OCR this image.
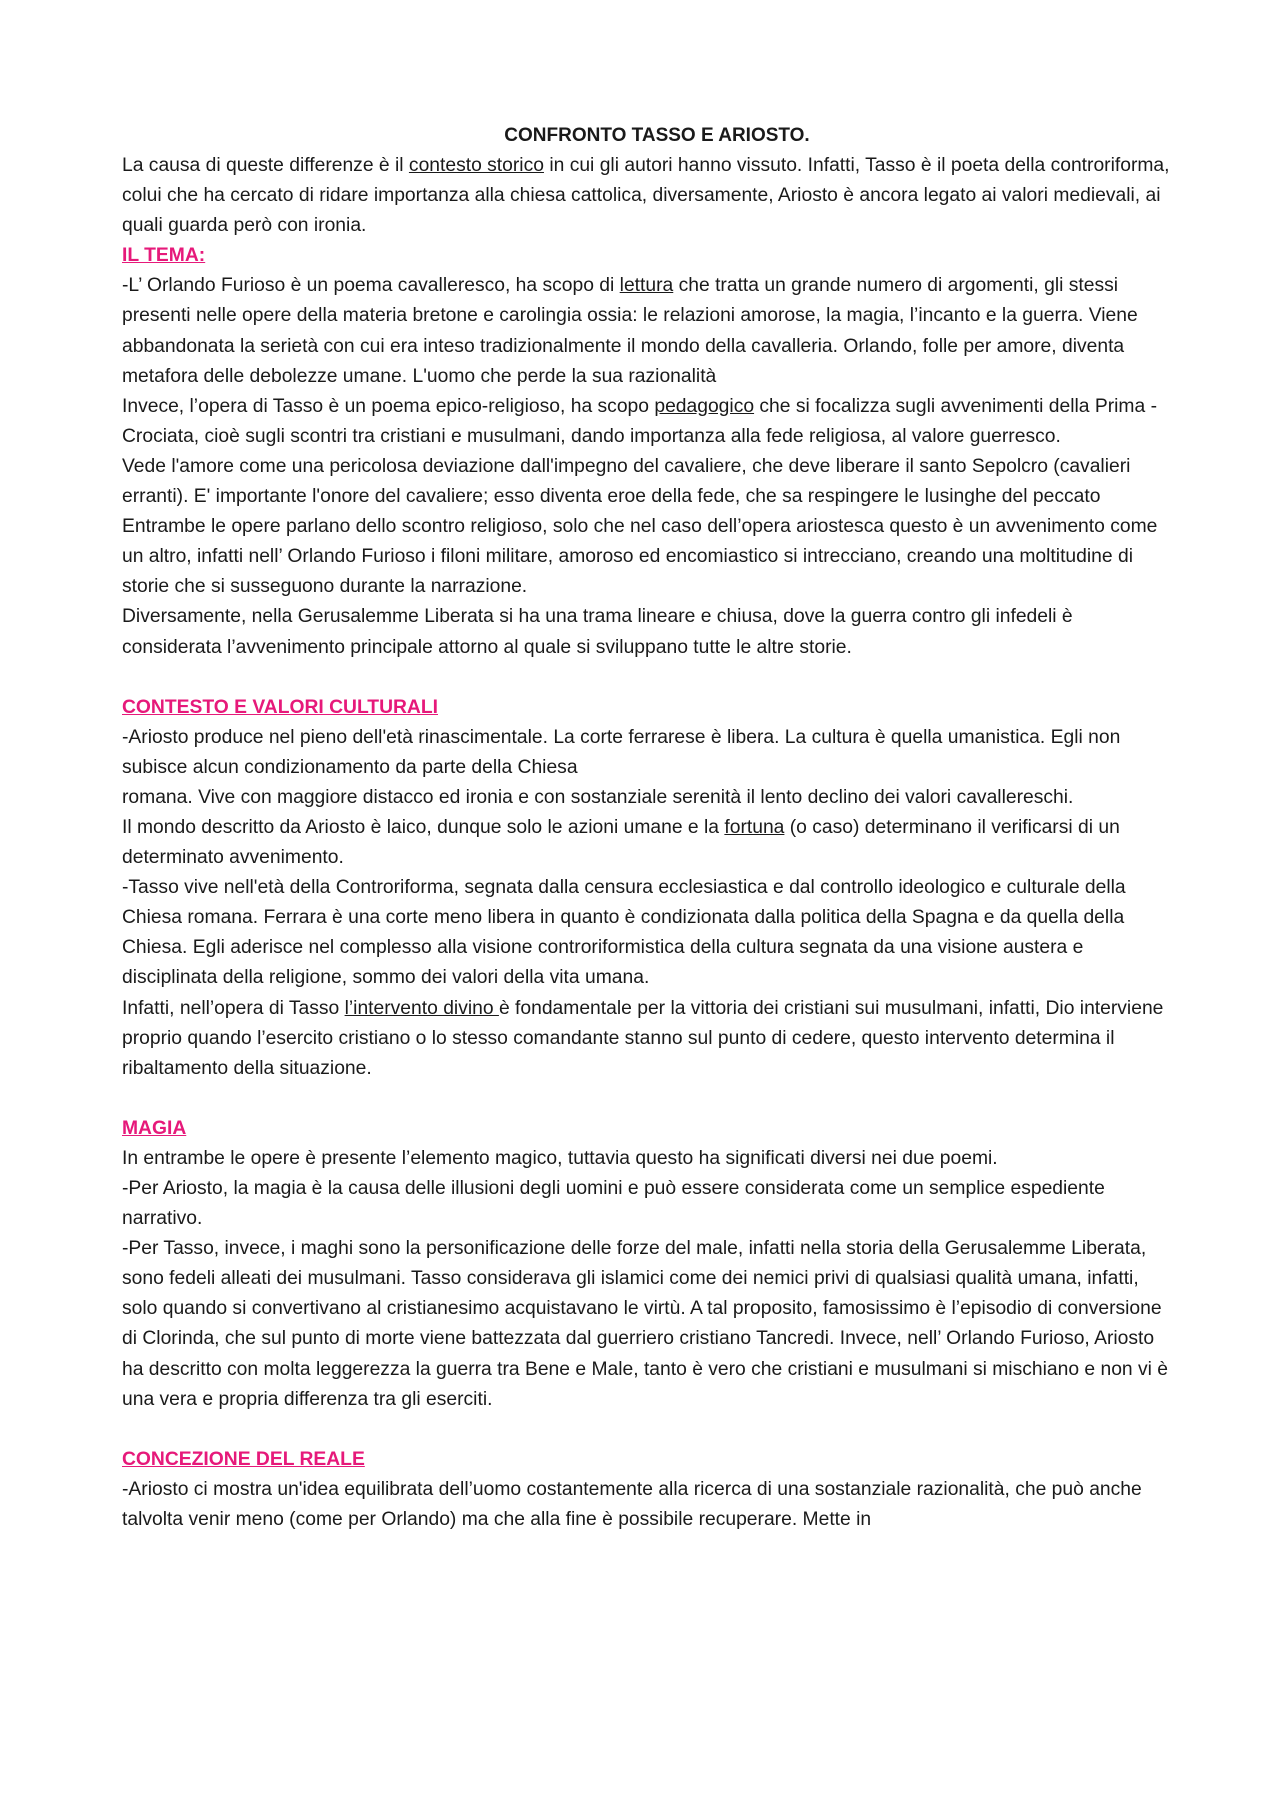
CONFRONTO TASSO E ARIOSTO.

La causa di queste differenze è il contesto storico in cui gli autori hanno vissuto. Infatti, Tasso è il poeta della controriforma, colui che ha cercato di ridare importanza alla chiesa cattolica, diversamente, Ariosto è ancora legato ai valori medievali, ai quali guarda però con ironia.

IL TEMA:

-L’ Orlando Furioso è un poema cavalleresco, ha scopo di lettura che tratta un grande numero di argomenti, gli stessi presenti nelle opere della materia bretone e carolingia ossia: le relazioni amorose, la magia, l’incanto e la guerra. Viene abbandonata la serietà con cui era inteso tradizionalmente il mondo della cavalleria. Orlando, folle per amore, diventa metafora delle debolezze umane. L'uomo che perde la sua razionalità

Invece, l’opera di Tasso è un poema epico-religioso, ha scopo pedagogico che si focalizza sugli avvenimenti della Prima -Crociata, cioè sugli scontri tra cristiani e musulmani, dando importanza alla fede religiosa, al valore guerresco.

Vede l'amore come una pericolosa deviazione dall'impegno del cavaliere, che deve liberare il santo Sepolcro (cavalieri erranti). E' importante l'onore del cavaliere; esso diventa eroe della fede, che sa respingere le lusinghe del peccato

Entrambe le opere parlano dello scontro religioso, solo che nel caso dell’opera ariostesca questo è un avvenimento come un altro, infatti nell’ Orlando Furioso i filoni militare, amoroso ed encomiastico si intrecciano, creando una moltitudine di storie che si susseguono durante la narrazione.

Diversamente, nella Gerusalemme Liberata si ha una trama lineare e chiusa, dove la guerra contro gli infedeli è considerata l’avvenimento principale attorno al quale si sviluppano tutte le altre storie.

CONTESTO E VALORI CULTURALI

-Ariosto produce nel pieno dell'età rinascimentale. La corte ferrarese è libera. La cultura è quella umanistica. Egli non subisce alcun condizionamento da parte della Chiesa

romana. Vive con maggiore distacco ed ironia e con sostanziale serenità il lento declino dei valori cavallereschi.

Il mondo descritto da Ariosto è laico, dunque solo le azioni umane e la fortuna (o caso) determinano il verificarsi di un determinato avvenimento.

-Tasso vive nell'età della Controriforma, segnata dalla censura ecclesiastica e dal controllo ideologico e culturale della Chiesa romana. Ferrara è una corte meno libera in quanto è condizionata dalla politica della Spagna e da quella della Chiesa. Egli aderisce nel complesso alla visione controriformistica della cultura segnata da una visione austera e disciplinata della religione, sommo dei valori della vita umana.

Infatti, nell’opera di Tasso l’intervento divino è fondamentale per la vittoria dei cristiani sui musulmani, infatti, Dio interviene proprio quando l’esercito cristiano o lo stesso comandante stanno sul punto di cedere, questo intervento determina il ribaltamento della situazione.

MAGIA

In entrambe le opere è presente l’elemento magico, tuttavia questo ha significati diversi nei due poemi.

-Per Ariosto, la magia è la causa delle illusioni degli uomini e può essere considerata come un semplice espediente narrativo.

-Per Tasso, invece, i maghi sono la personificazione delle forze del male, infatti nella storia della Gerusalemme Liberata, sono fedeli alleati dei musulmani. Tasso considerava gli islamici come dei nemici privi di qualsiasi qualità umana, infatti, solo quando si convertivano al cristianesimo acquistavano le virtù. A tal proposito, famosissimo è l’episodio di conversione di Clorinda, che sul punto di morte viene battezzata dal guerriero cristiano Tancredi. Invece, nell’ Orlando Furioso, Ariosto ha descritto con molta leggerezza la guerra tra Bene e Male, tanto è vero che cristiani e musulmani si mischiano e non vi è una vera e propria differenza tra gli eserciti.

CONCEZIONE DEL REALE

-Ariosto ci mostra un'idea equilibrata dell’uomo costantemente alla ricerca di una sostanziale razionalità, che può anche talvolta venir meno (come per Orlando) ma che alla fine è possibile recuperare. Mette in
